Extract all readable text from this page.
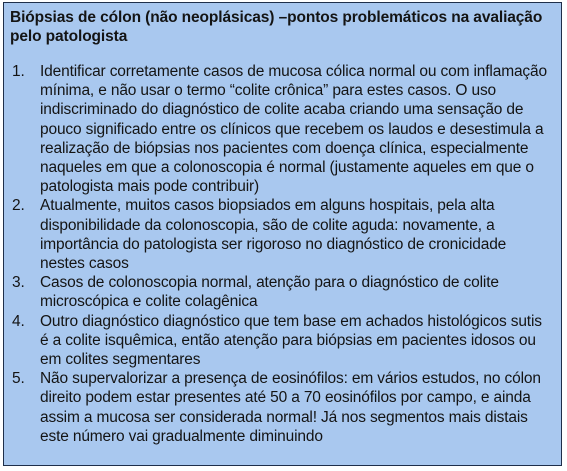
Biópsias de cólon (não neoplásicas) –pontos problemáticos na avaliação pelo patologista
1. Identificar corretamente casos de mucosa cólica normal ou com inflamação mínima, e não usar o termo “colite crônica” para estes casos. O uso indiscriminado do diagnóstico de colite acaba criando uma sensação de pouco significado entre os clínicos que recebem os laudos e desestimula a realização de biópsias nos pacientes com doença clínica, especialmente naqueles em que a colonoscopia é normal (justamente aqueles em que o patologista mais pode contribuir)
2. Atualmente, muitos casos biopsiados em alguns hospitais, pela alta disponibilidade da colonoscopia, são de colite aguda: novamente, a importância do patologista ser rigoroso no diagnóstico de cronicidade nestes casos
3. Casos de colonoscopia normal, atenção para o diagnóstico de colite microscópica e colite colagênica
4. Outro diagnóstico diagnóstico que tem base em achados histológicos sutis é a colite isquêmica, então atenção para biópsias em pacientes idosos ou em colites segmentares
5. Não supervalorizar a presença de eosinófilos: em vários estudos, no cólon direito podem estar presentes até 50 a 70 eosinófilos por campo, e ainda assim a mucosa ser considerada normal! Já nos segmentos mais distais este número vai gradualmente diminuindo
